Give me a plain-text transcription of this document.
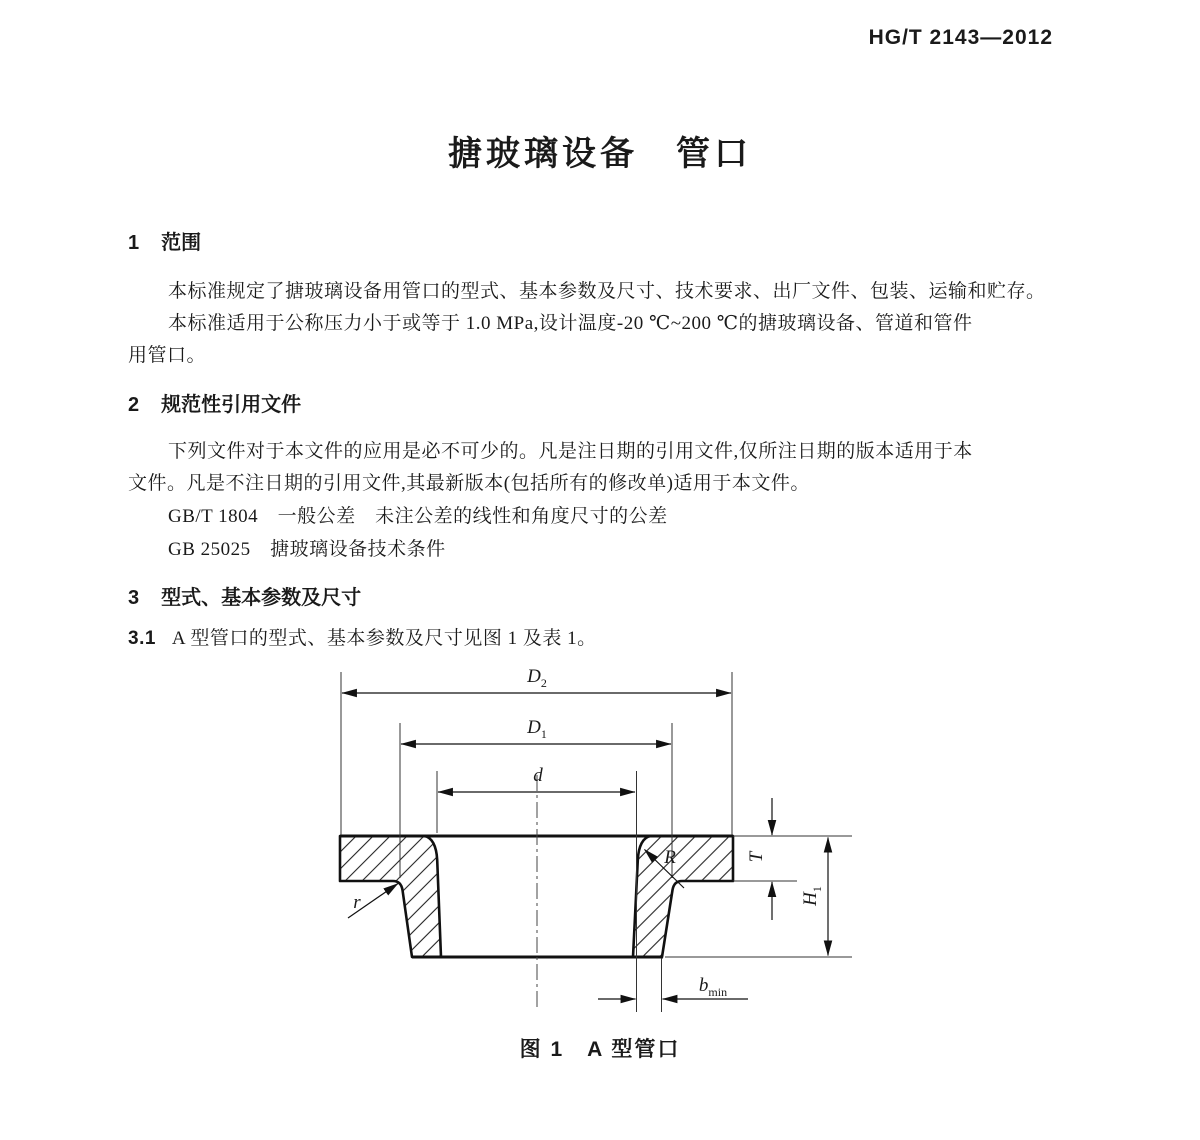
HG/T 2143—2012
搪玻璃设备　管口
1 范围
本标准规定了搪玻璃设备用管口的型式、基本参数及尺寸、技术要求、出厂文件、包装、运输和贮存。
本标准适用于公称压力小于或等于 1.0 MPa,设计温度-20 ℃~200 ℃的搪玻璃设备、管道和管件
用管口。
2 规范性引用文件
下列文件对于本文件的应用是必不可少的。凡是注日期的引用文件,仅所注日期的版本适用于本
文件。凡是不注日期的引用文件,其最新版本(包括所有的修改单)适用于本文件。
GB/T 1804　一般公差　未注公差的线性和角度尺寸的公差
GB 25025　搪玻璃设备技术条件
3 型式、基本参数及尺寸
3.1 A 型管口的型式、基本参数及尺寸见图 1 及表 1。
$D_2$
$D_1$
d
T
$H_1$
$b_{min}$
R
r
图 1　A 型管口
